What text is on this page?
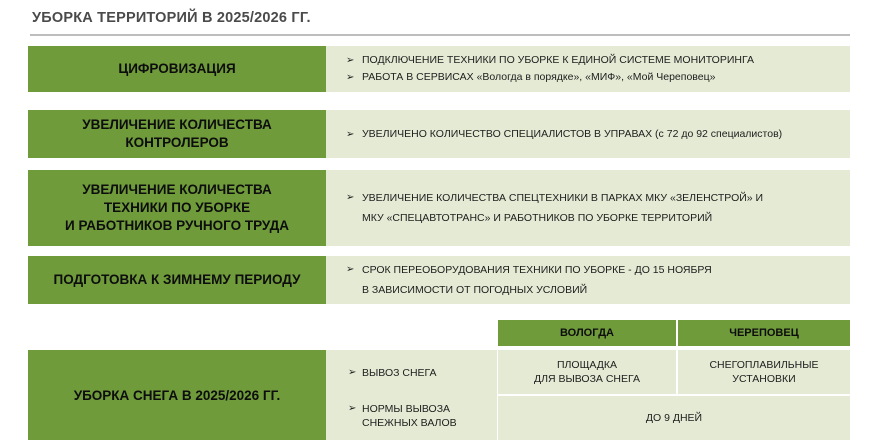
УБОРКА ТЕРРИТОРИЙ В 2025/2026 ГГ.
ЦИФРОВИЗАЦИЯ
➢ ПОДКЛЮЧЕНИЕ ТЕХНИКИ ПО УБОРКЕ К ЕДИНОЙ СИСТЕМЕ МОНИТОРИНГА
➢ РАБОТА В СЕРВИСАХ «Вологда в порядке», «МИФ», «Мой Череповец»
УВЕЛИЧЕНИЕ КОЛИЧЕСТВА
КОНТРОЛЕРОВ
➢ УВЕЛИЧЕНО КОЛИЧЕСТВО СПЕЦИАЛИСТОВ В УПРАВАХ (с 72 до 92 специалистов)
УВЕЛИЧЕНИЕ КОЛИЧЕСТВА
ТЕХНИКИ ПО УБОРКЕ
И РАБОТНИКОВ РУЧНОГО ТРУДА
➢ УВЕЛИЧЕНИЕ КОЛИЧЕСТВА СПЕЦТЕХНИКИ В ПАРКАХ МКУ «ЗЕЛЕНСТРОЙ» И
МКУ «СПЕЦАВТОТРАНС» И РАБОТНИКОВ ПО УБОРКЕ ТЕРРИТОРИЙ
ПОДГОТОВКА К ЗИМНЕМУ ПЕРИОДУ
➢ СРОК ПЕРЕОБОРУДОВАНИЯ ТЕХНИКИ ПО УБОРКЕ - ДО 15 НОЯБРЯ
В ЗАВИСИМОСТИ ОТ ПОГОДНЫХ УСЛОВИЙ
ВОЛОГДА	ЧЕРЕПОВЕЦ
УБОРКА СНЕГА В 2025/2026 ГГ.
➢ ВЫВОЗ СНЕГА
➢ НОРМЫ ВЫВОЗА
СНЕЖНЫХ ВАЛОВ
ПЛОЩАДКА
ДЛЯ ВЫВОЗА СНЕГА
СНЕГОПЛАВИЛЬНЫЕ
УСТАНОВКИ
ДО 9 ДНЕЙ
